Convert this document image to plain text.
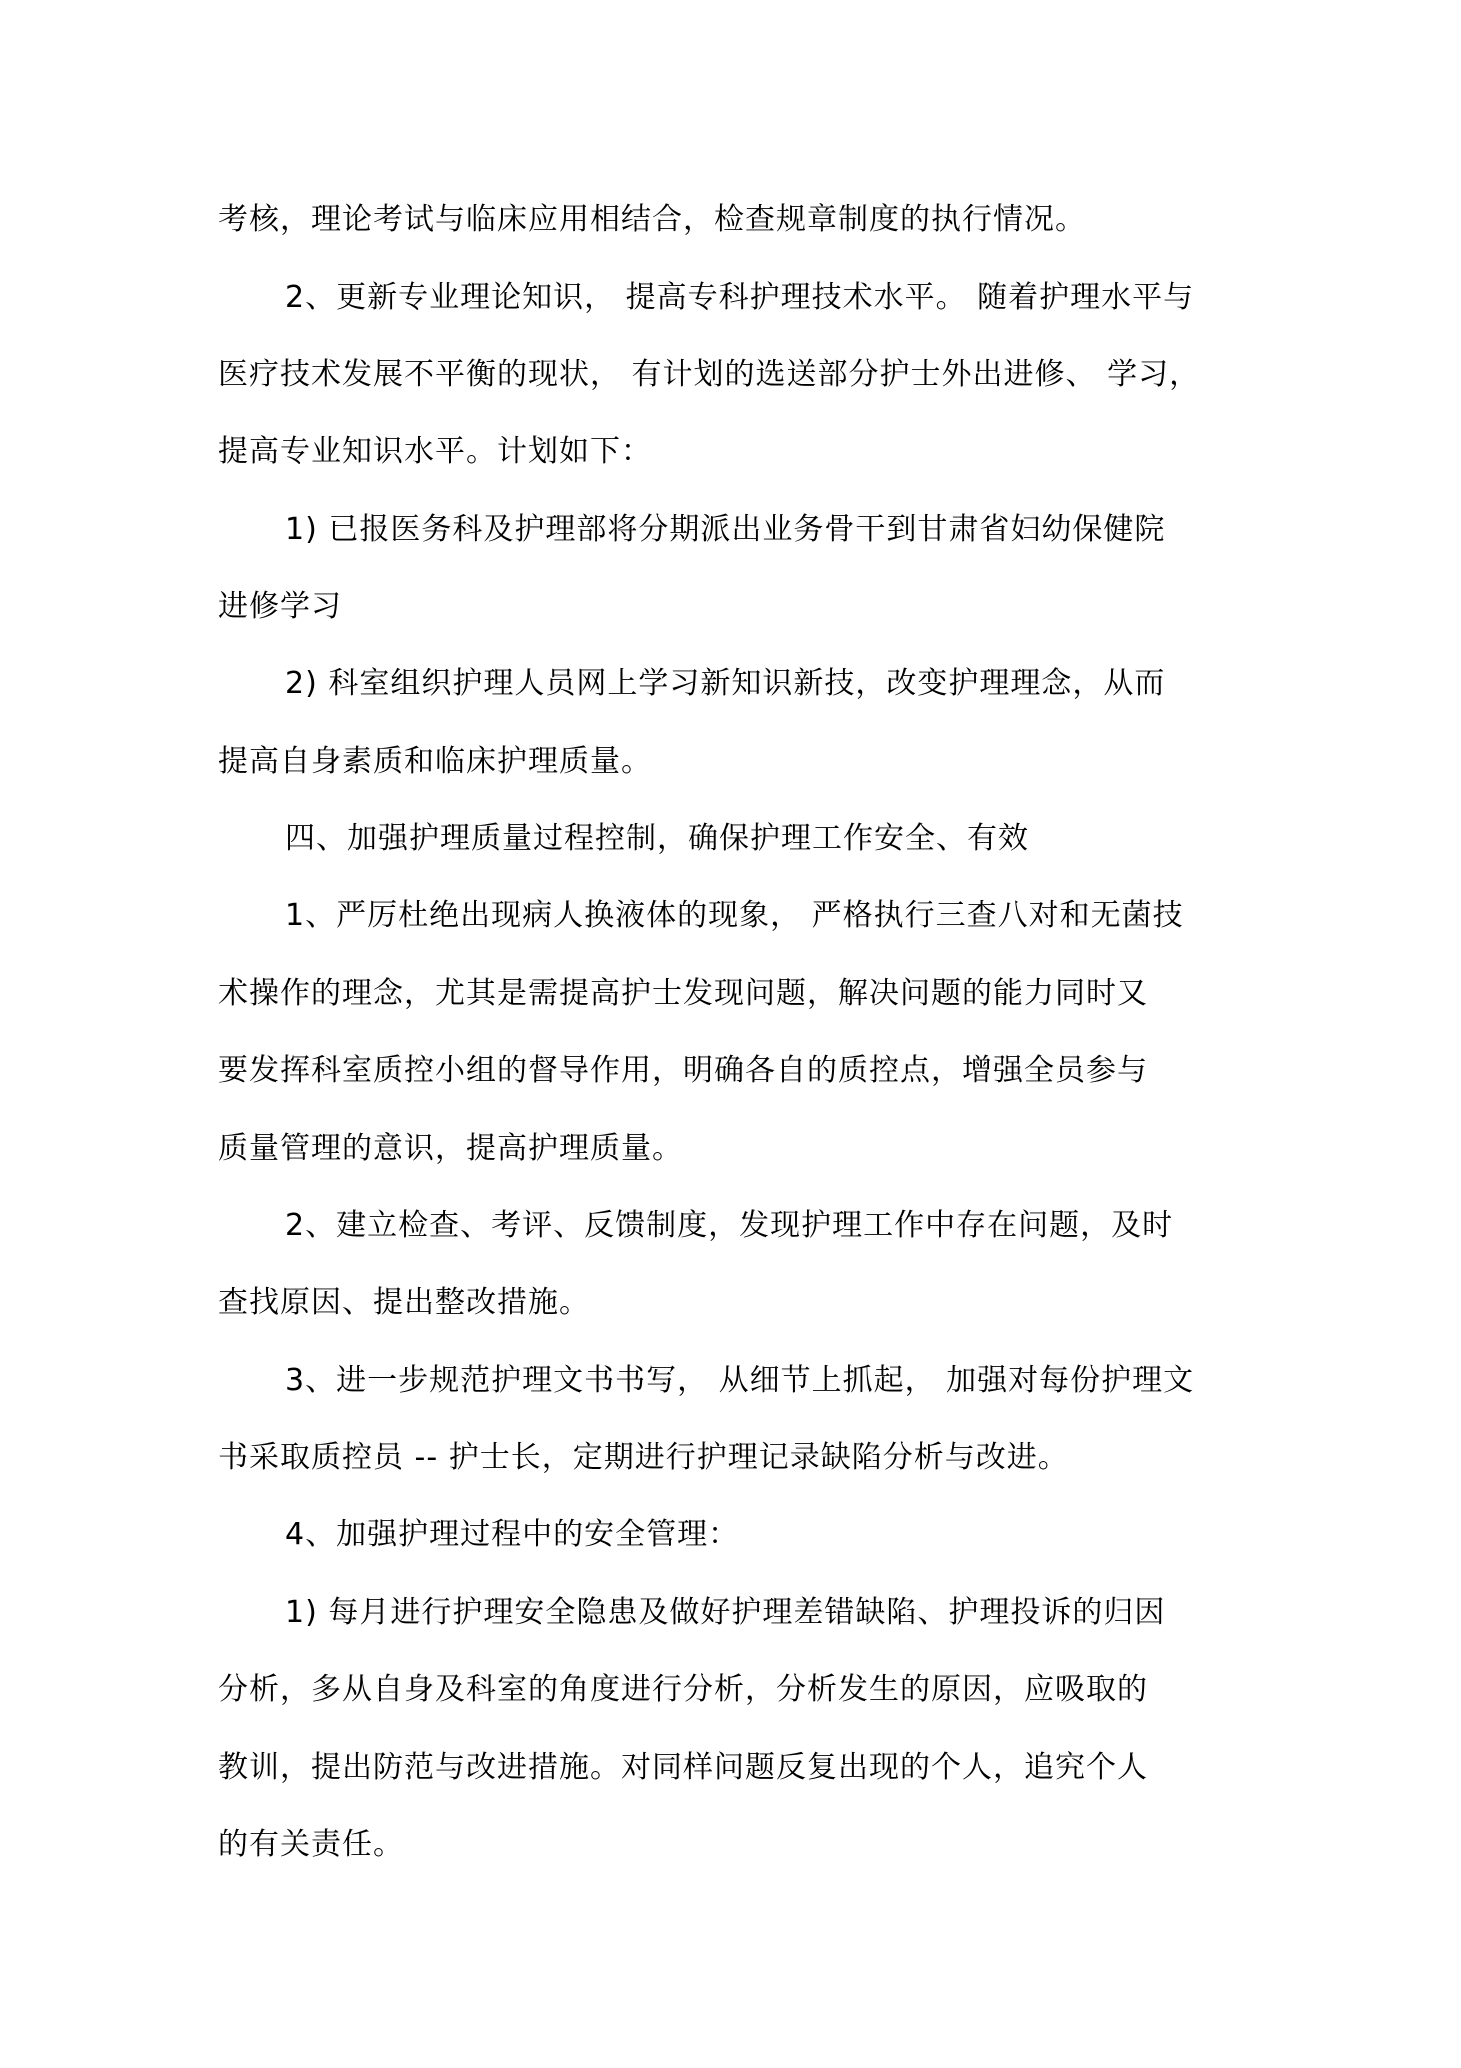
考核，理论考试与临床应用相结合，检查规章制度的执行情况。
2、更新专业理论知识， 提高专科护理技术水平。 随着护理水平与
医疗技术发展不平衡的现状， 有计划的选送部分护士外出进修、 学习，
提高专业知识水平。计划如下：
1) 已报医务科及护理部将分期派出业务骨干到甘肃省妇幼保健院
进修学习
2) 科室组织护理人员网上学习新知识新技，改变护理理念，从而
提高自身素质和临床护理质量。
四、加强护理质量过程控制，确保护理工作安全、有效
1、严厉杜绝出现病人换液体的现象， 严格执行三查八对和无菌技
术操作的理念，尤其是需提高护士发现问题，解决问题的能力同时又
要发挥科室质控小组的督导作用，明确各自的质控点，增强全员参与
质量管理的意识，提高护理质量。
2、建立检查、考评、反馈制度，发现护理工作中存在问题，及时
查找原因、提出整改措施。
3、进一步规范护理文书书写， 从细节上抓起， 加强对每份护理文
书采取质控员 -- 护士长，定期进行护理记录缺陷分析与改进。
4、加强护理过程中的安全管理：
1) 每月进行护理安全隐患及做好护理差错缺陷、护理投诉的归因
分析，多从自身及科室的角度进行分析，分析发生的原因，应吸取的
教训，提出防范与改进措施。对同样问题反复出现的个人，追究个人
的有关责任。
